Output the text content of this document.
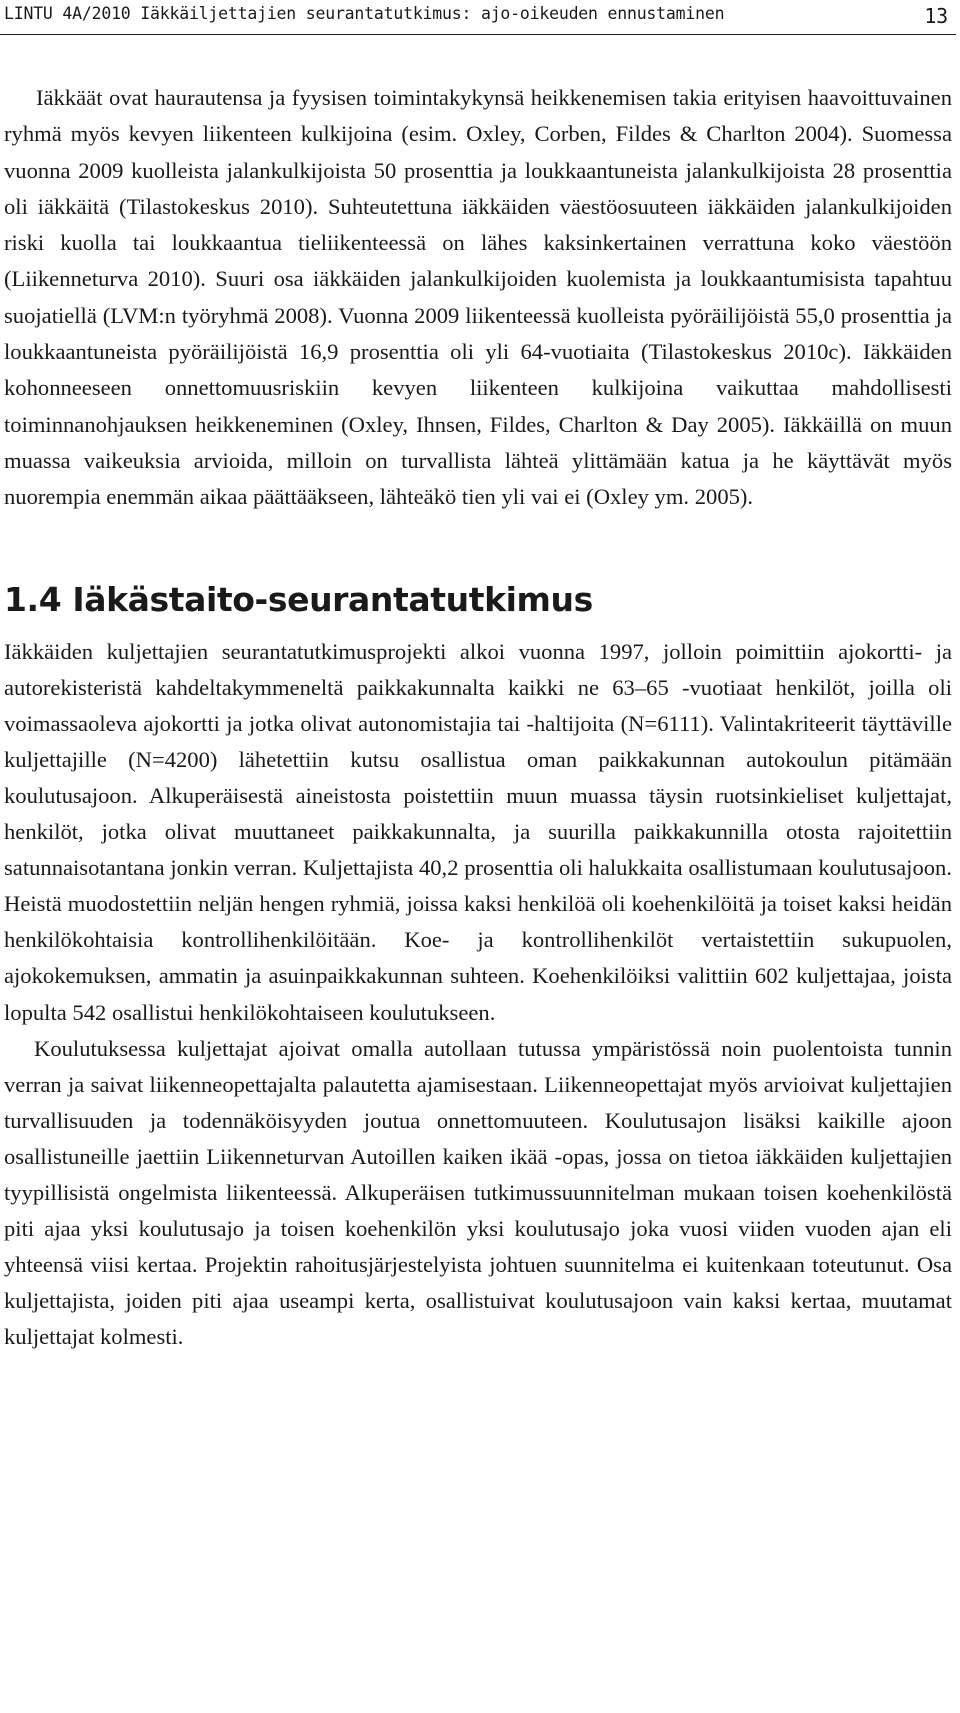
LINTU 4A/2010 Iäkkäiljettajien seurantatutkimus: ajo-oikeuden ennustaminen	13

Iäkkäät ovat haurautensa ja fyysisen toimintakykynsä heikkenemisen takia erityisen haavoittuvainen ryhmä myös kevyen liikenteen kulkijoina (esim. Oxley, Corben, Fildes & Charlton 2004). Suomessa vuonna 2009 kuolleista jalankulkijoista 50 prosenttia ja loukkaantuneista jalankulkijoista 28 prosenttia oli iäkkäitä (Tilastokeskus 2010). Suhteutettuna iäkkäiden väestöosuuteen iäkkäiden jalankulkijoiden riski kuolla tai loukkaantua tieliikenteessä on lähes kaksinkertainen verrattuna koko väestöön (Liikenneturva 2010). Suuri osa iäkkäiden jalankulkijoiden kuolemista ja loukkaantumisista tapahtuu suojatiellä (LVM:n työryhmä 2008). Vuonna 2009 liikenteessä kuolleista pyöräilijöistä 55,0 prosenttia ja loukkaantuneista pyöräilijöistä 16,9 prosenttia oli yli 64-vuotiaita (Tilastokeskus 2010c). Iäkkäiden kohonneeseen onnettomuusriskiin kevyen liikenteen kulkijoina vaikuttaa mahdollisesti toiminnanohjauksen heikkeneminen (Oxley, Ihnsen, Fildes, Charlton & Day 2005). Iäkkäillä on muun muassa vaikeuksia arvioida, milloin on turvallista lähteä ylittämään katua ja he käyttävät myös nuorempia enemmän aikaa päättääkseen, lähteäkö tien yli vai ei (Oxley ym. 2005).

1.4 Iäkästaito-seurantatutkimus

Iäkkäiden kuljettajien seurantatutkimusprojekti alkoi vuonna 1997, jolloin poimittiin ajokortti- ja autorekisteristä kahdeltakymmeneltä paikkakunnalta kaikki ne 63–65 -vuotiaat henkilöt, joilla oli voimassaoleva ajokortti ja jotka olivat autonomistajia tai -haltijoita (N=6111). Valintakriteerit täyttäville kuljettajille (N=4200) lähetettiin kutsu osallistua oman paikkakunnan autokoulun pitämään koulutusajoon. Alkuperäisestä aineistosta poistettiin muun muassa täysin ruotsinkieliset kuljettajat, henkilöt, jotka olivat muuttaneet paikkakunnalta, ja suurilla paikkakunnilla otosta rajoitettiin satunnaisotantana jonkin verran. Kuljettajista 40,2 prosenttia oli halukkaita osallistumaan koulutusajoon. Heistä muodostettiin neljän hengen ryhmiä, joissa kaksi henkilöä oli koehenkilöitä ja toiset kaksi heidän henkilökohtaisia kontrollihenkilöitään. Koe- ja kontrollihenkilöt vertaistettiin sukupuolen, ajokokemuksen, ammatin ja asuinpaikkakunnan suhteen. Koehenkilöiksi valittiin 602 kuljettajaa, joista lopulta 542 osallistui henkilökohtaiseen koulutukseen.

Koulutuksessa kuljettajat ajoivat omalla autollaan tutussa ympäristössä noin puolentoista tunnin verran ja saivat liikenneopettajalta palautetta ajamisestaan. Liikenneopettajat myös arvioivat kuljettajien turvallisuuden ja todennäköisyyden joutua onnettomuuteen. Koulutusajon lisäksi kaikille ajoon osallistuneille jaettiin Liikenneturvan Autoillen kaiken ikää -opas, jossa on tietoa iäkkäiden kuljettajien tyypillisistä ongelmista liikenteessä. Alkuperäisen tutkimussuunnitelman mukaan toisen koehenkilöstä piti ajaa yksi koulutusajo ja toisen koehenkilön yksi koulutusajo joka vuosi viiden vuoden ajan eli yhteensä viisi kertaa. Projektin rahoitusjärjestelyista johtuen suunnitelma ei kuitenkaan toteutunut. Osa kuljettajista, joiden piti ajaa useampi kerta, osallistuivat koulutusajoon vain kaksi kertaa, muutamat kuljettajat kolmesti.
